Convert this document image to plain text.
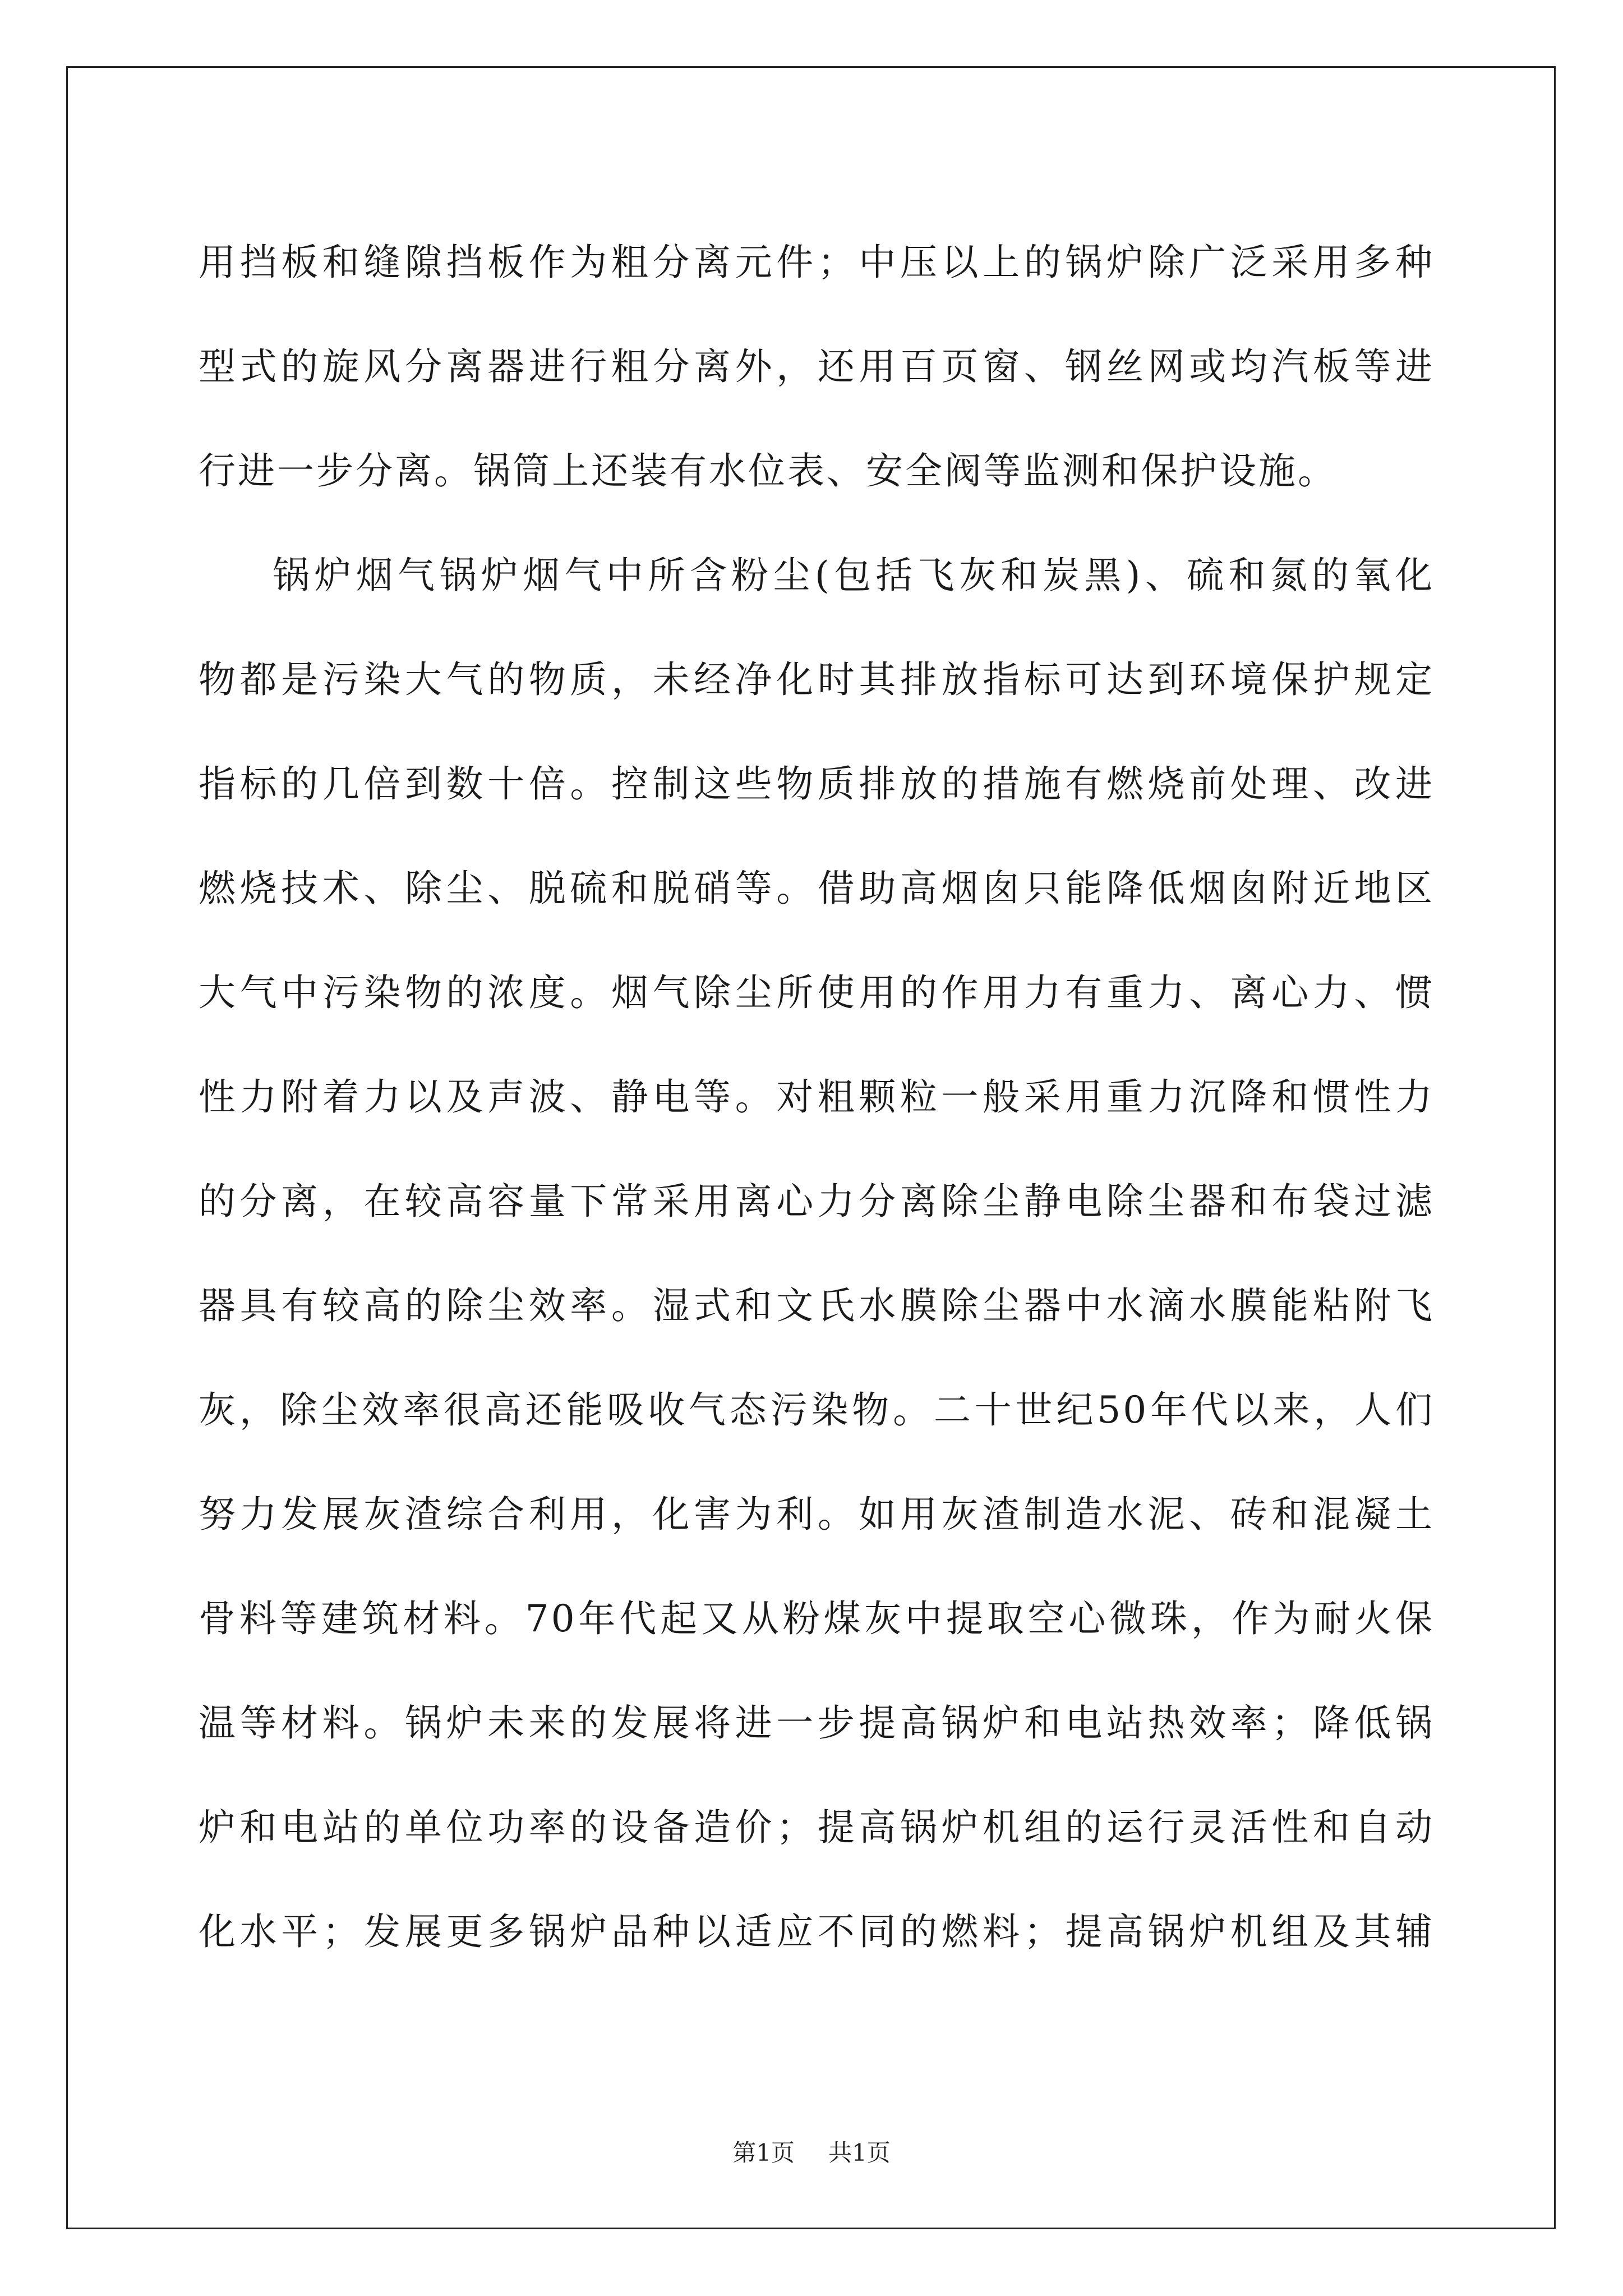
用挡板和缝隙挡板作为粗分离元件；中压以上的锅炉除广泛采用多种

型式的旋风分离器进行粗分离外，还用百页窗、钢丝网或均汽板等进

行进一步分离。锅筒上还装有水位表、安全阀等监测和保护设施。

锅炉烟气锅炉烟气中所含粉尘(包括飞灰和炭黑)、硫和氮的氧化

物都是污染大气的物质，未经净化时其排放指标可达到环境保护规定

指标的几倍到数十倍。控制这些物质排放的措施有燃烧前处理、改进

燃烧技术、除尘、脱硫和脱硝等。借助高烟囱只能降低烟囱附近地区

大气中污染物的浓度。烟气除尘所使用的作用力有重力、离心力、惯

性力附着力以及声波、静电等。对粗颗粒一般采用重力沉降和惯性力

的分离，在较高容量下常采用离心力分离除尘静电除尘器和布袋过滤

器具有较高的除尘效率。湿式和文氏水膜除尘器中水滴水膜能粘附飞

灰，除尘效率很高还能吸收气态污染物。二十世纪50年代以来，人们

努力发展灰渣综合利用，化害为利。如用灰渣制造水泥、砖和混凝土

骨料等建筑材料。70年代起又从粉煤灰中提取空心微珠，作为耐火保

温等材料。锅炉未来的发展将进一步提高锅炉和电站热效率；降低锅

炉和电站的单位功率的设备造价；提高锅炉机组的运行灵活性和自动

化水平；发展更多锅炉品种以适应不同的燃料；提高锅炉机组及其辅

第1页 共1页
